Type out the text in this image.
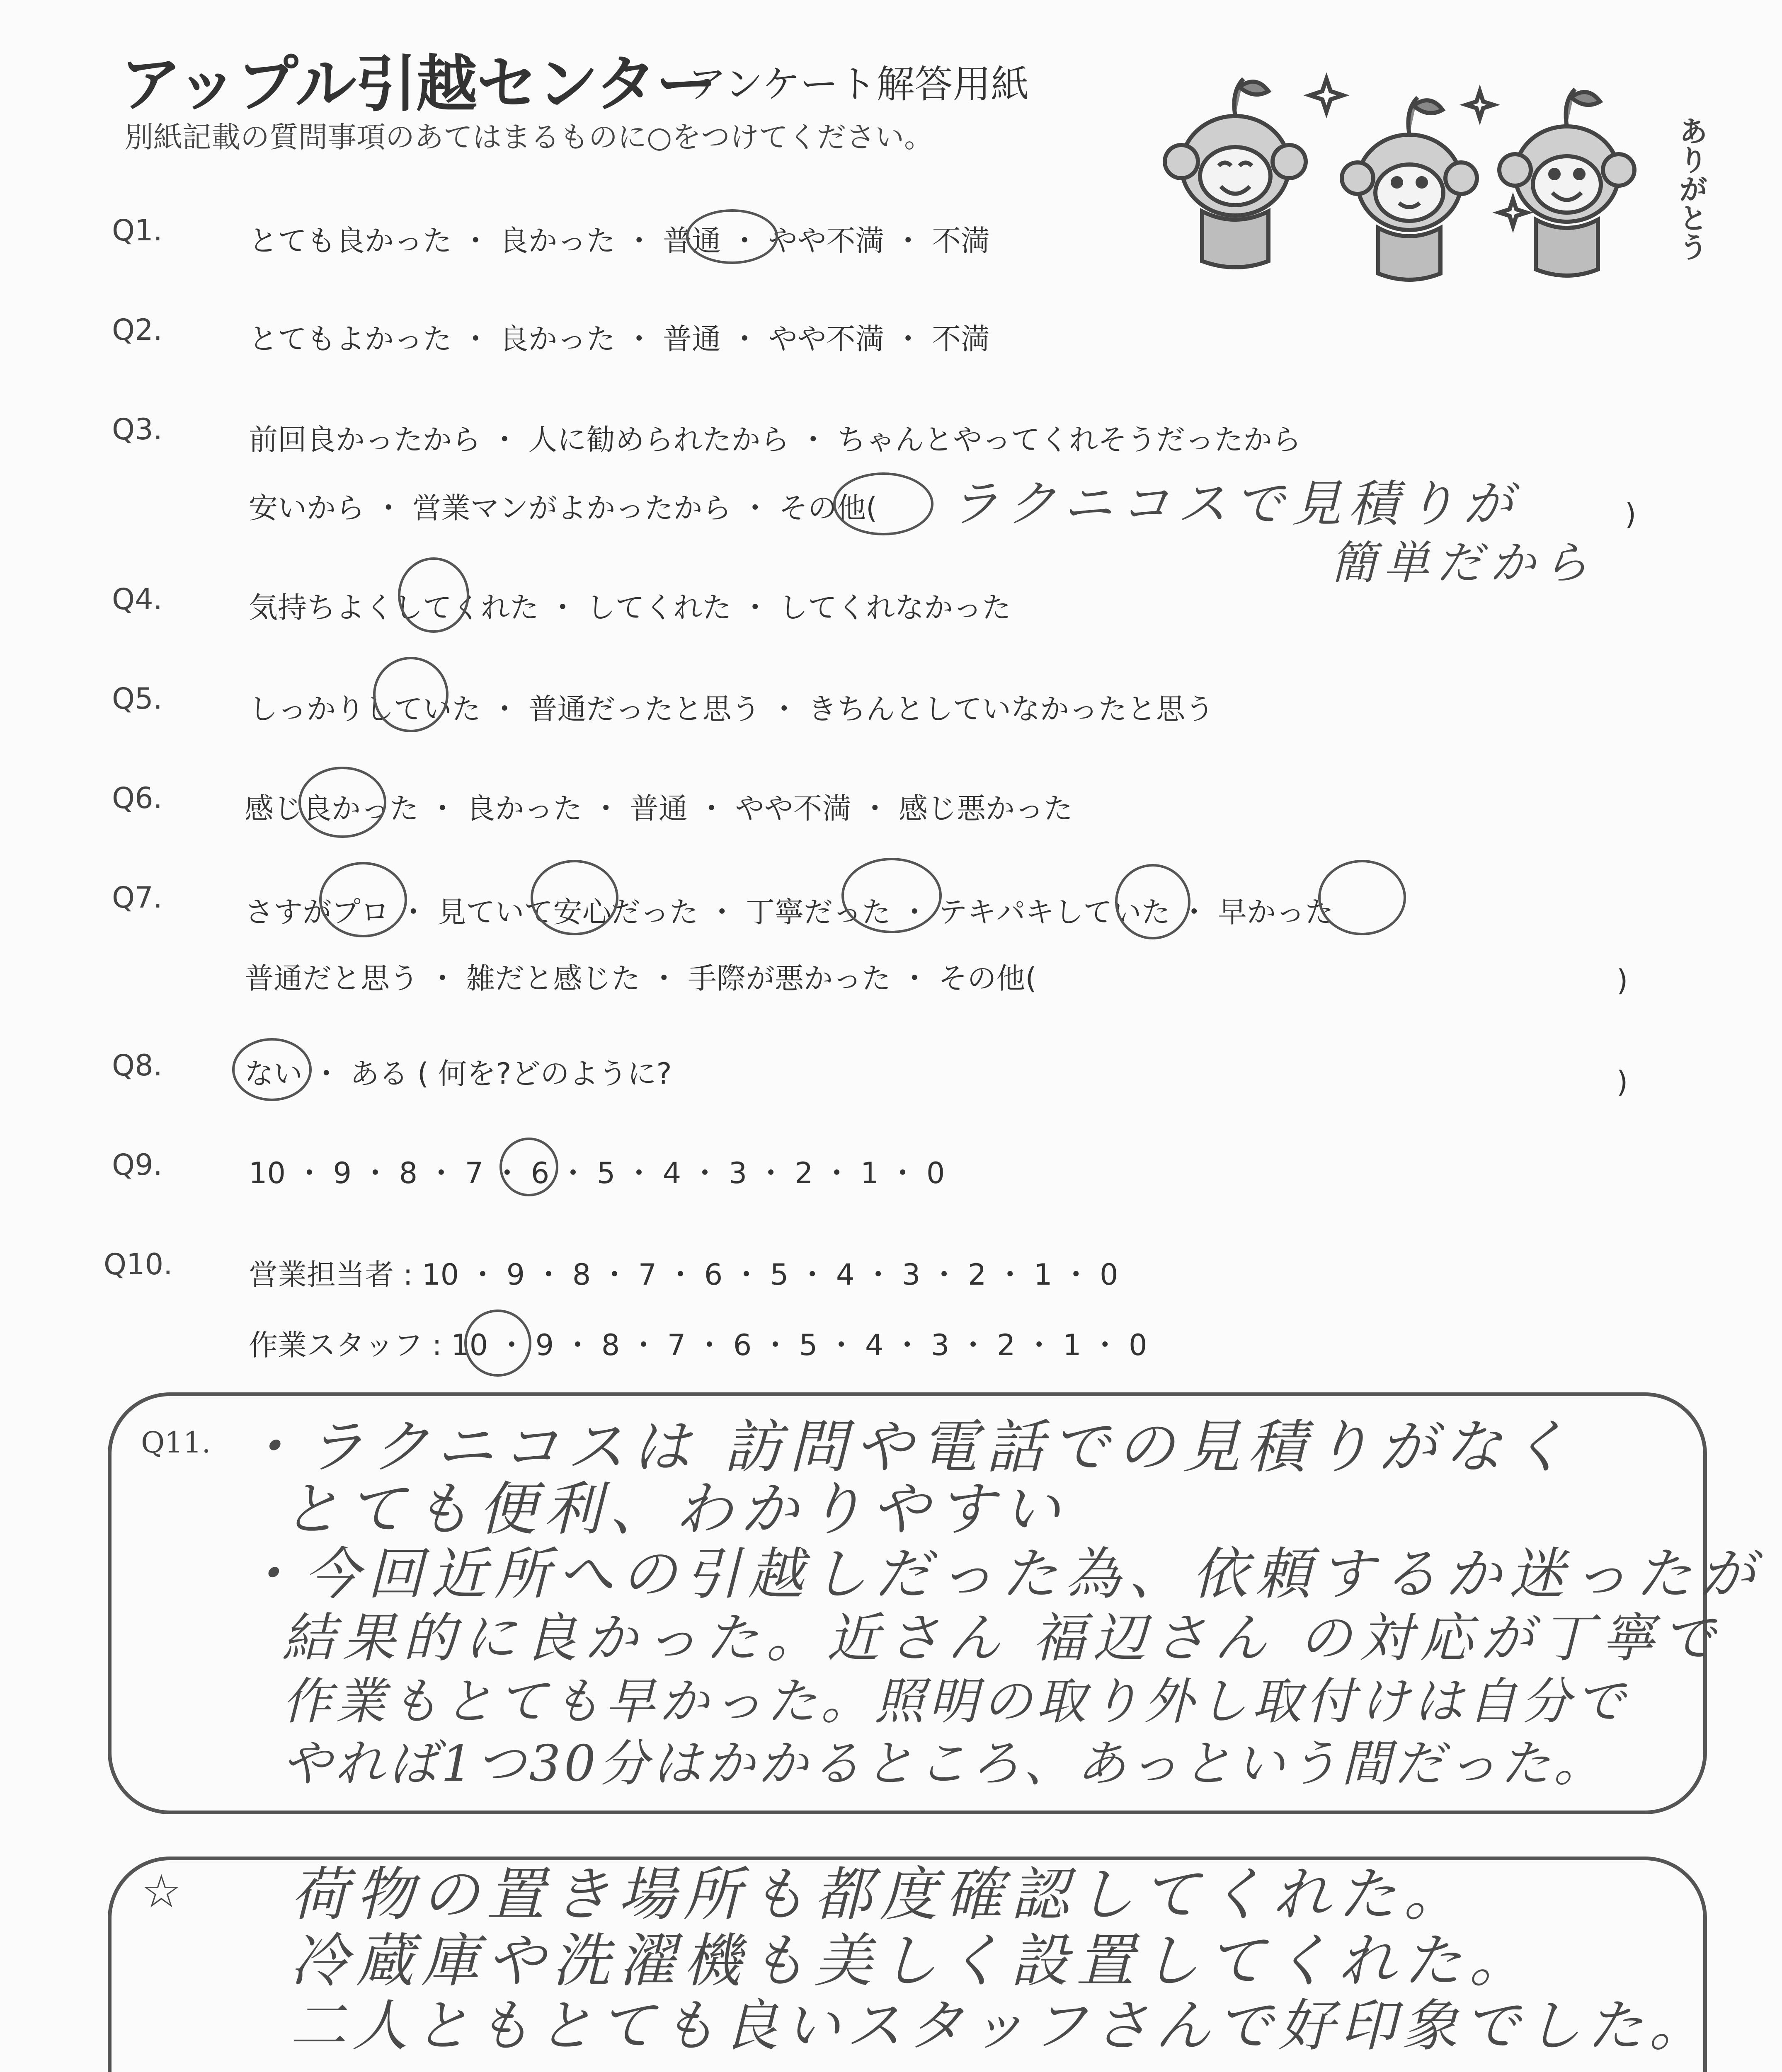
アップル引越センター
アンケート解答用紙
別紙記載の質問事項のあてはまるものに○をつけてください。	ありがとう
Q1.	とても良かった ・ 良かった ・ 普通 ・ やや不満 ・ 不満
Q2.	とてもよかった ・ 良かった ・ 普通 ・ やや不満 ・ 不満
Q3.	前回良かったから ・ 人に勧められたから ・ ちゃんとやってくれそうだったから
安いから ・ 営業マンがよかったから ・ その他(	)
ラクニコスで見積りが
簡単だから
Q4.	気持ちよくしてくれた ・ してくれた ・ してくれなかった
Q5.	しっかりしていた ・ 普通だったと思う ・ きちんとしていなかったと思う
Q6.	感じ良かった ・ 良かった ・ 普通 ・ やや不満 ・ 感じ悪かった
Q7.	さすがプロ ・ 見ていて安心だった ・ 丁寧だった ・ テキパキしていた ・ 早かった
普通だと思う ・ 雑だと感じた ・ 手際が悪かった ・ その他(	)
Q8.	ない ・ ある ( 何を?どのように?	)
Q9.	10 ・ 9 ・ 8 ・ 7 ・ 6 ・ 5 ・ 4 ・ 3 ・ 2 ・ 1 ・ 0
Q10.	営業担当者 : 10 ・ 9 ・ 8 ・ 7 ・ 6 ・ 5 ・ 4 ・ 3 ・ 2 ・ 1 ・ 0
作業スタッフ : 10 ・ 9 ・ 8 ・ 7 ・ 6 ・ 5 ・ 4 ・ 3 ・ 2 ・ 1 ・ 0
Q11. ・ラクニコスは 訪問や電話での見積りがなく
とても便利、わかりやすい
・今回近所への引越しだった為、依頼するか迷ったが
結果的に良かった。近さん 福辺さん の対応が丁寧で
作業もとても早かった。照明の取り外し取付けは自分で
やれば1つ30分はかかるところ、あっという間だった。
☆ 荷物の置き場所も都度確認してくれた。
冷蔵庫や洗濯機も美しく設置してくれた。
二人ともとても良いスタッフさんで好印象でした。
